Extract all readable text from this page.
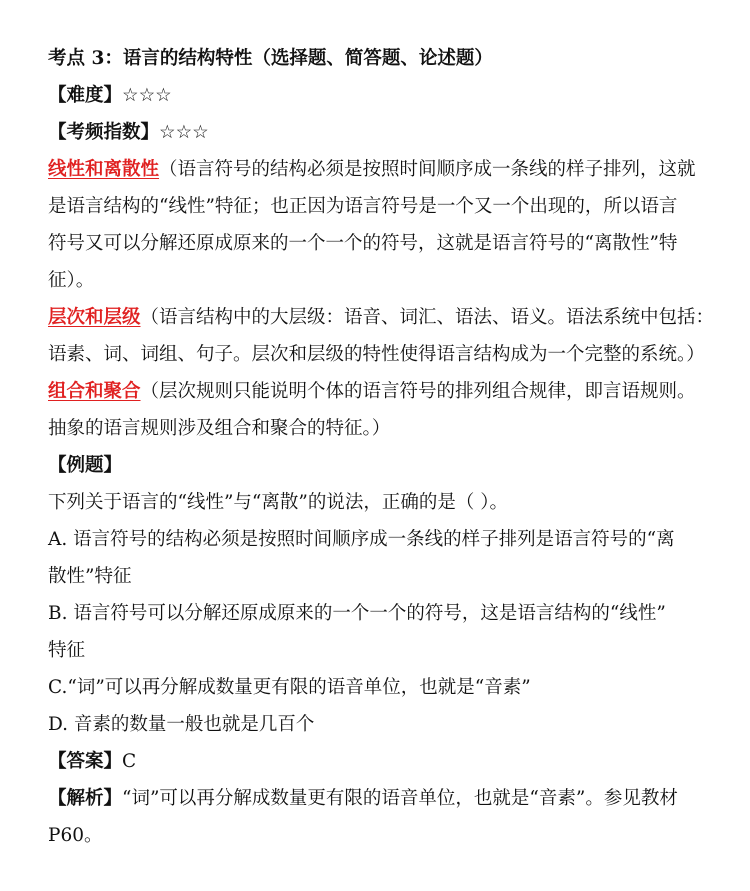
考点 3：语言的结构特性（选择题、简答题、论述题）
【难度】☆☆☆
【考频指数】☆☆☆
线性和离散性（语言符号的结构必须是按照时间顺序成一条线的样子排列，这就
是语言结构的“线性”特征；也正因为语言符号是一个又一个出现的，所以语言
符号又可以分解还原成原来的一个一个的符号，这就是语言符号的“离散性”特
征）。
层次和层级（语言结构中的大层级：语音、词汇、语法、语义。语法系统中包括：
语素、词、词组、句子。层次和层级的特性使得语言结构成为一个完整的系统。）
组合和聚合（层次规则只能说明个体的语言符号的排列组合规律，即言语规则。
抽象的语言规则涉及组合和聚合的特征。）
【例题】
下列关于语言的“线性”与“离散”的说法，正确的是（ ）。
A. 语言符号的结构必须是按照时间顺序成一条线的样子排列是语言符号的“离
散性”特征
B. 语言符号可以分解还原成原来的一个一个的符号，这是语言结构的“线性”
特征
C.“词”可以再分解成数量更有限的语音单位，也就是“音素”
D. 音素的数量一般也就是几百个
【答案】C
【解析】“词”可以再分解成数量更有限的语音单位，也就是“音素”。参见教材
P60。
